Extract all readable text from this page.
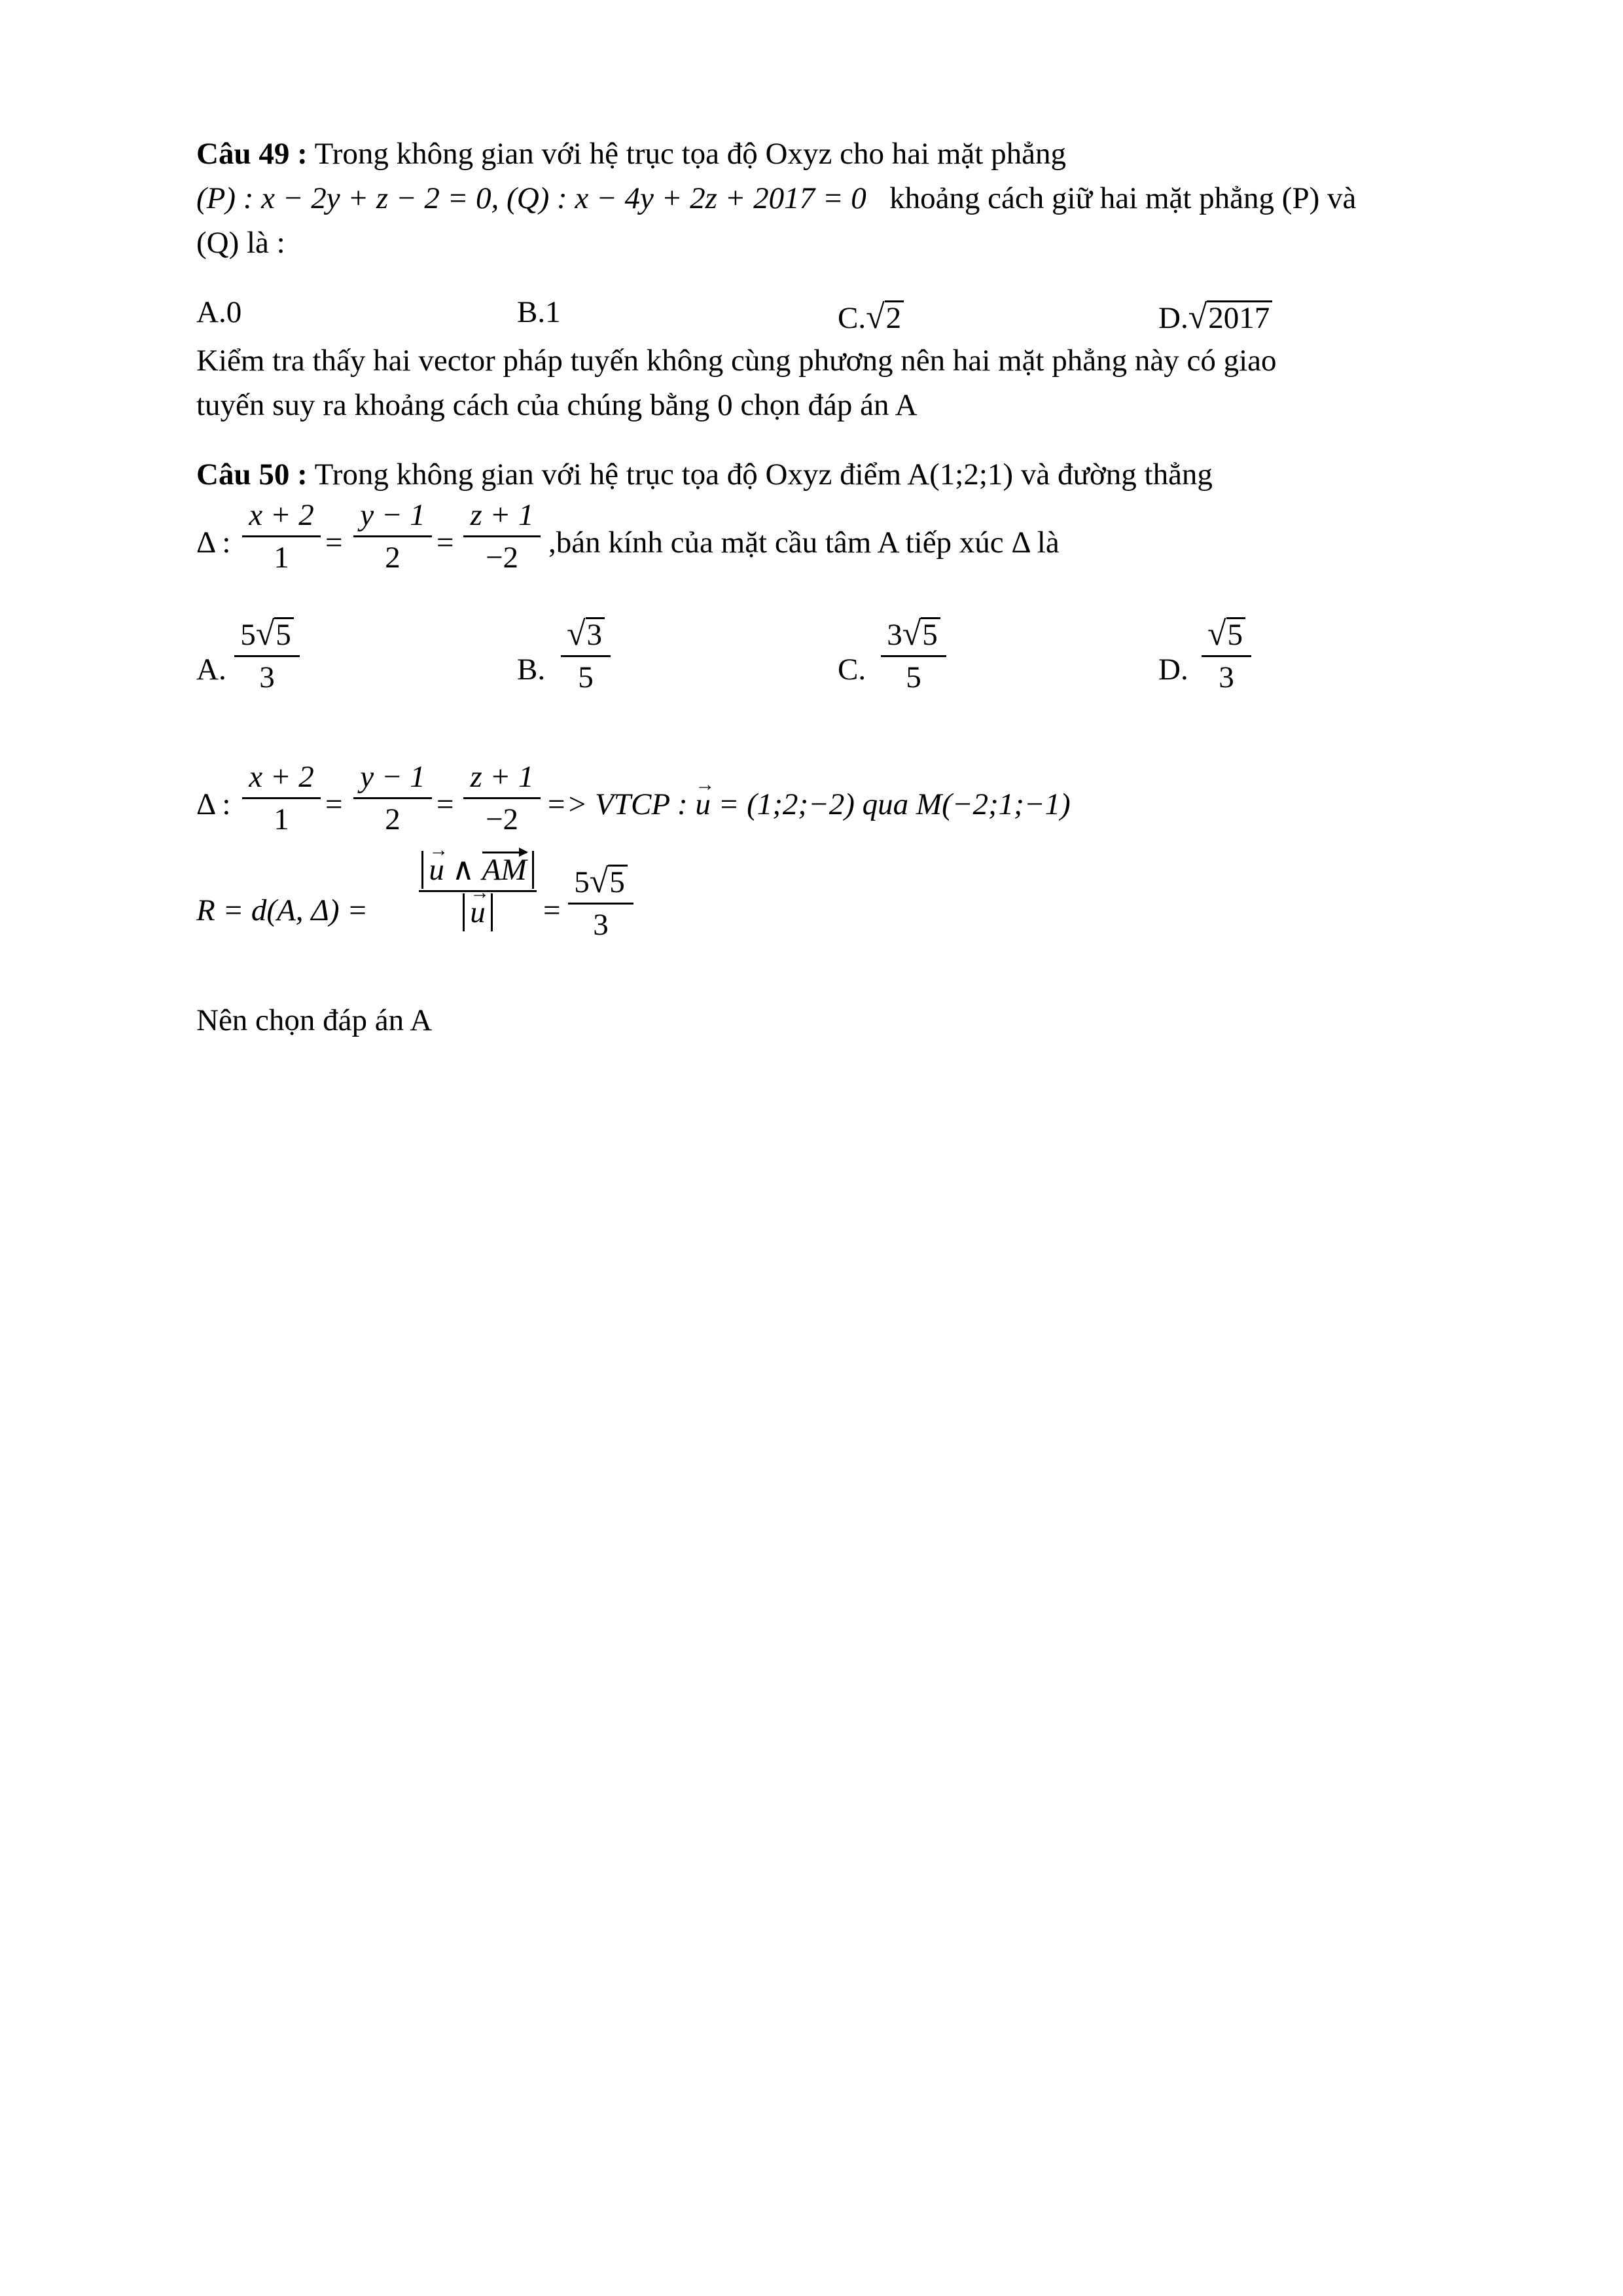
Câu 49 : Trong không gian với hệ trục tọa độ Oxyz cho hai mặt phẳng
(P) : x − 2y + z − 2 = 0, (Q) : x − 4y + 2z + 2017 = 0 khoảng cách giữ hai mặt phẳng (P) và
(Q) là :
A.0	B.1	C.√2	D.√2017
Kiểm tra thấy hai vector pháp tuyến không cùng phương nên hai mặt phẳng này có giao
tuyến suy ra khoảng cách của chúng bằng 0 chọn đáp án A
Câu 50 : Trong không gian với hệ trục tọa độ Oxyz điểm A(1;2;1) và đường thẳng
Δ :
x + 2
1	=
y − 1
2	=
z + 1
−2 ,bán kính của mặt cầu tâm A tiếp xúc Δ là
A.
5√5
3	B.
√3
5	C.
3√5
5	D.
√5
3
Δ :
x + 2
1	=
y − 1
2	=
z + 1
−2 => VTCP : → u = (1;2;−2) qua M(−2;1;−1)
R = d(A, Δ) =
→ u ∧ AM
→ u	=
5√5
3
Nên chọn đáp án A
